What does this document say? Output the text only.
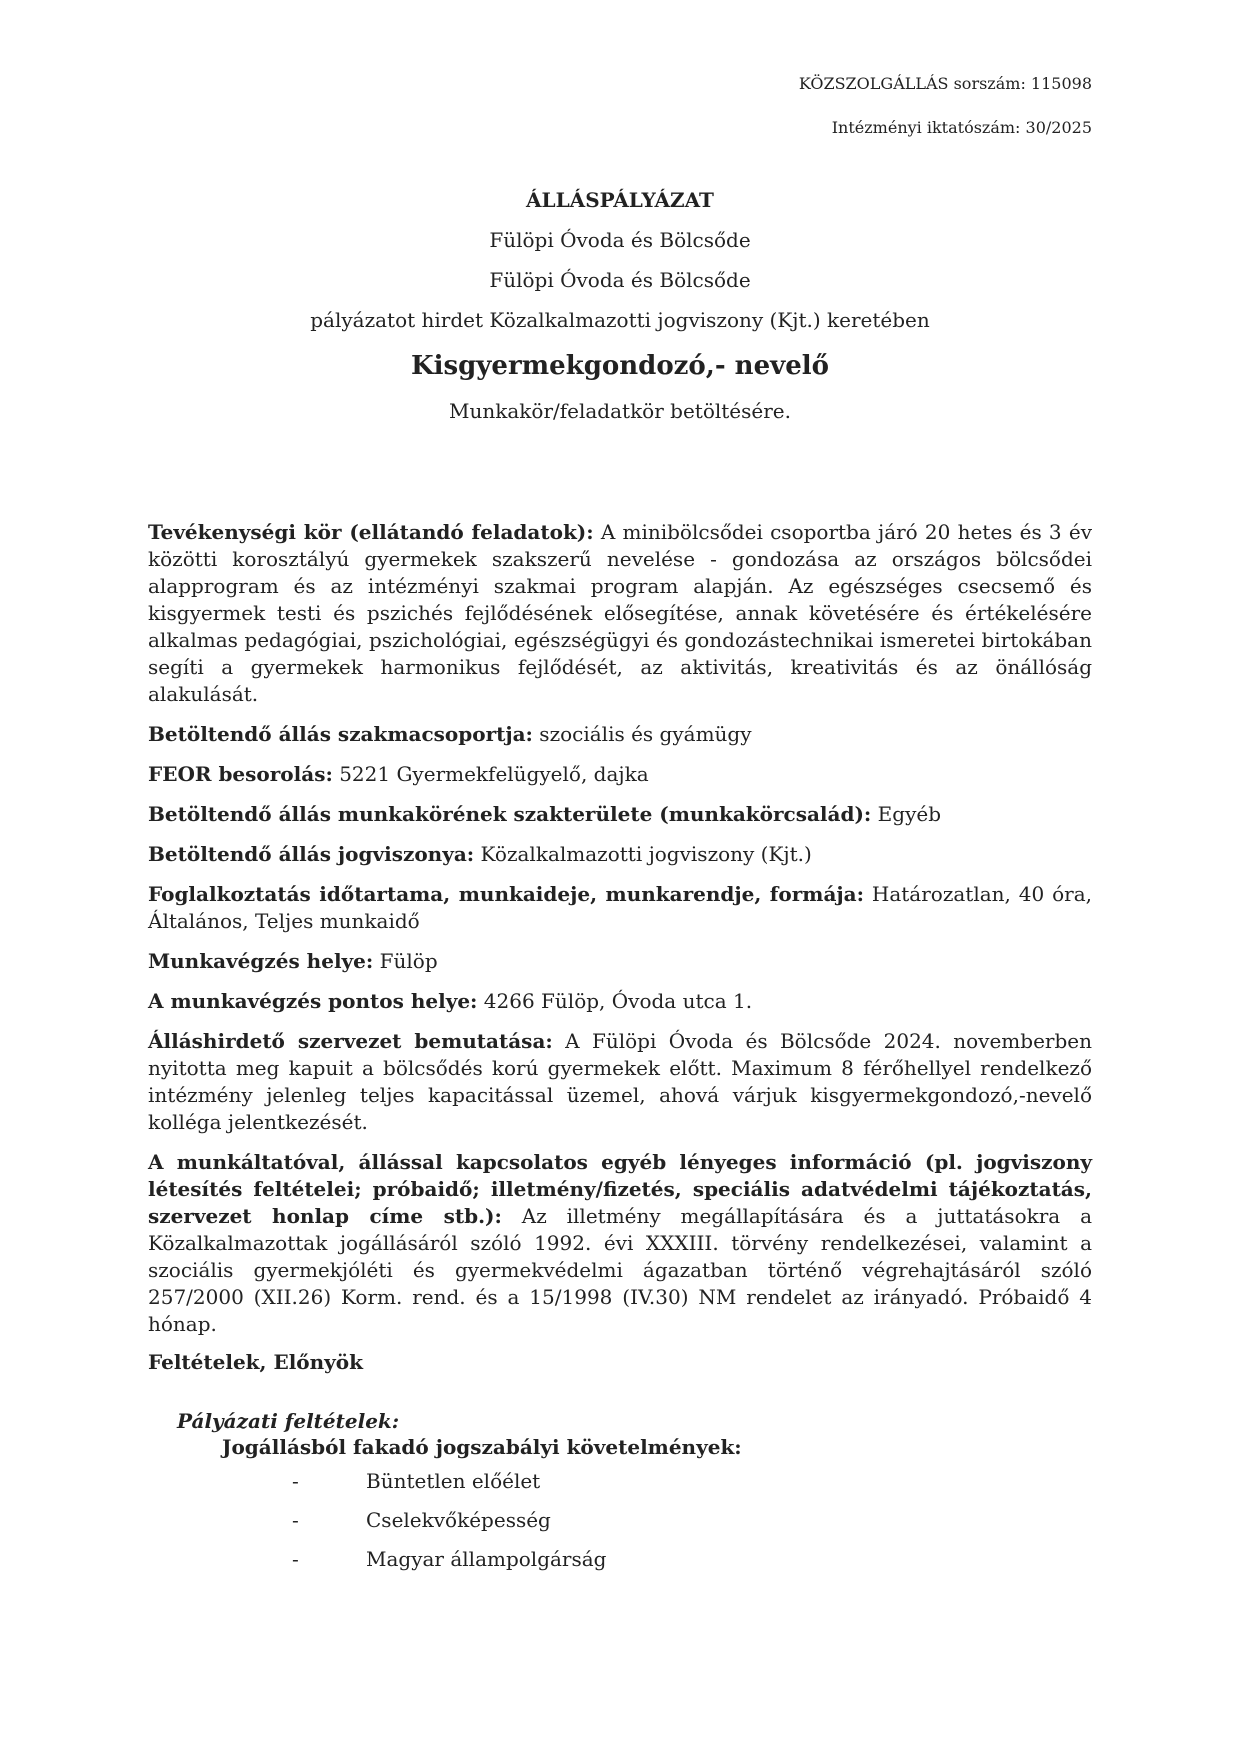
KÖZSZOLGÁLLÁS sorszám: 115098
Intézményi iktatószám: 30/2025
ÁLLÁSPÁLYÁZAT
Fülöpi Óvoda és Bölcsőde
Fülöpi Óvoda és Bölcsőde
pályázatot hirdet Közalkalmazotti jogviszony (Kjt.) keretében
Kisgyermekgondozó,- nevelő
Munkakör/feladatkör betöltésére.

Tevékenységi kör (ellátandó feladatok): A minibölcsődei csoportba járó 20 hetes és 3 év közötti korosztályú gyermekek szakszerű nevelése - gondozása az országos bölcsődei alapprogram és az intézményi szakmai program alapján. Az egészséges csecsemő és kisgyermek testi és pszichés fejlődésének elősegítése, annak követésére és értékelésére alkalmas pedagógiai, pszichológiai, egészségügyi és gondozástechnikai ismeretei birtokában segíti a gyermekek harmonikus fejlődését, az aktivitás, kreativitás és az önállóság alakulását.

Betöltendő állás szakmacsoportja: szociális és gyámügy

FEOR besorolás: 5221 Gyermekfelügyelő, dajka

Betöltendő állás munkakörének szakterülete (munkakörcsalád): Egyéb

Betöltendő állás jogviszonya: Közalkalmazotti jogviszony (Kjt.)

Foglalkoztatás időtartama, munkaideje, munkarendje, formája: Határozatlan, 40 óra, Általános, Teljes munkaidő

Munkavégzés helye: Fülöp

A munkavégzés pontos helye: 4266 Fülöp, Óvoda utca 1.

Álláshirdető szervezet bemutatása: A Fülöpi Óvoda és Bölcsőde 2024. novemberben nyitotta meg kapuit a bölcsődés korú gyermekek előtt. Maximum 8 férőhellyel rendelkező intézmény jelenleg teljes kapacitással üzemel, ahová várjuk kisgyermekgondozó,-nevelő kolléga jelentkezését.

A munkáltatóval, állással kapcsolatos egyéb lényeges információ (pl. jogviszony létesítés feltételei; próbaidő; illetmény/fizetés, speciális adatvédelmi tájékoztatás, szervezet honlap címe stb.): Az illetmény megállapítására és a juttatásokra a Közalkalmazottak jogállásáról szóló 1992. évi XXXIII. törvény rendelkezései, valamint a szociális gyermekjóléti és gyermekvédelmi ágazatban történő végrehajtásáról szóló 257/2000 (XII.26) Korm. rend. és a 15/1998 (IV.30) NM rendelet az irányadó. Próbaidő 4 hónap.

Feltételek, Előnyök
Pályázati feltételek:
Jogállásból fakadó jogszabályi követelmények:
-	Büntetlen előélet
-	Cselekvőképesség
-	Magyar állampolgárság
